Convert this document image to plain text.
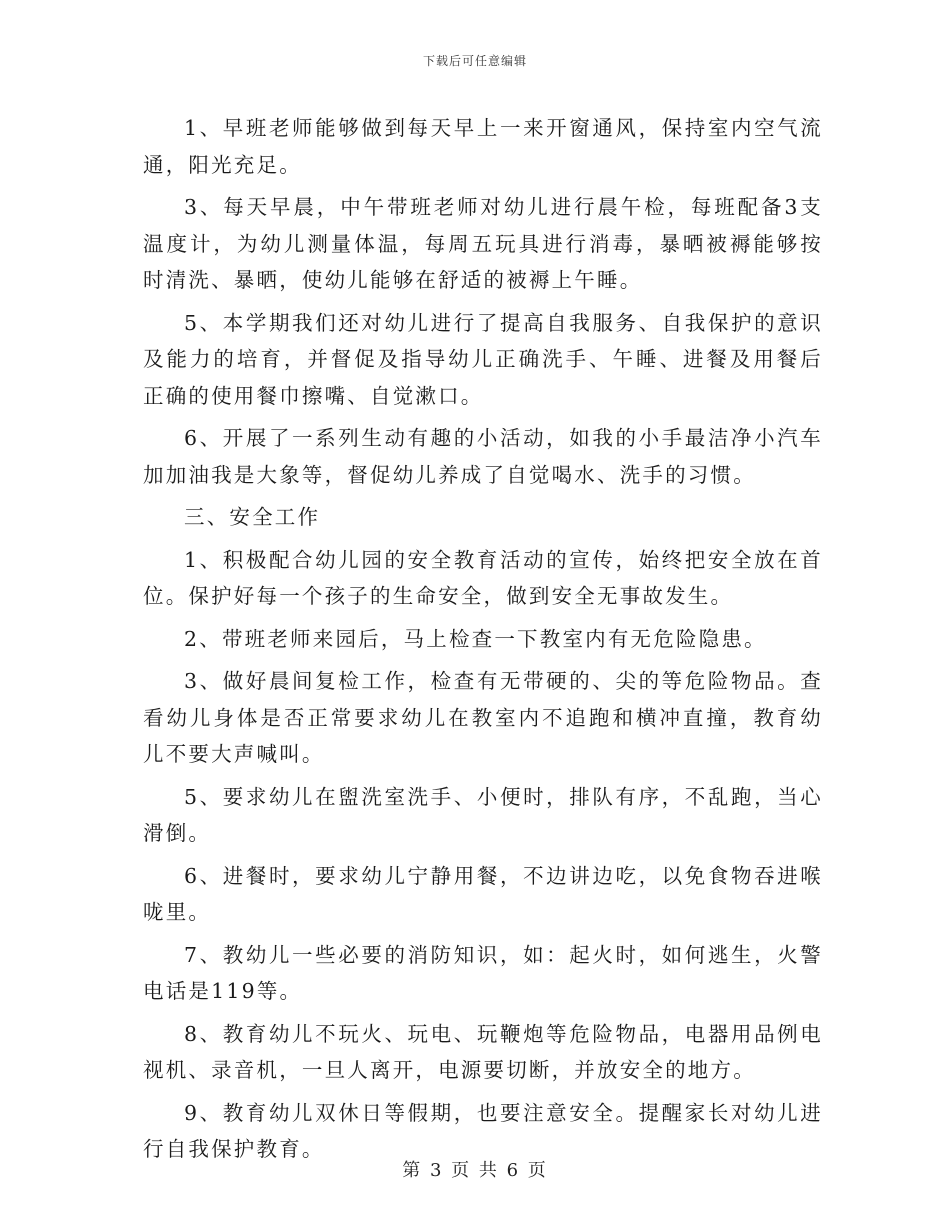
下载后可任意编辑

1、早班老师能够做到每天早上一来开窗通风，保持室内空气流通，阳光充足。

3、每天早晨，中午带班老师对幼儿进行晨午检，每班配备3支温度计，为幼儿测量体温，每周五玩具进行消毒，暴晒被褥能够按时清洗、暴晒，使幼儿能够在舒适的被褥上午睡。

5、本学期我们还对幼儿进行了提高自我服务、自我保护的意识及能力的培育，并督促及指导幼儿正确洗手、午睡、进餐及用餐后正确的使用餐巾擦嘴、自觉漱口。

6、开展了一系列生动有趣的小活动，如我的小手最洁净小汽车加加油我是大象等，督促幼儿养成了自觉喝水、洗手的习惯。

三、安全工作

1、积极配合幼儿园的安全教育活动的宣传，始终把安全放在首位。保护好每一个孩子的生命安全，做到安全无事故发生。

2、带班老师来园后，马上检查一下教室内有无危险隐患。

3、做好晨间复检工作，检查有无带硬的、尖的等危险物品。查看幼儿身体是否正常要求幼儿在教室内不追跑和横冲直撞，教育幼儿不要大声喊叫。

5、要求幼儿在盥洗室洗手、小便时，排队有序，不乱跑，当心滑倒。

6、进餐时，要求幼儿宁静用餐，不边讲边吃，以免食物吞进喉咙里。

7、教幼儿一些必要的消防知识，如：起火时，如何逃生，火警电话是119等。

8、教育幼儿不玩火、玩电、玩鞭炮等危险物品，电器用品例电视机、录音机，一旦人离开，电源要切断，并放安全的地方。

9、教育幼儿双休日等假期，也要注意安全。提醒家长对幼儿进行自我保护教育。

第 3 页 共 6 页
